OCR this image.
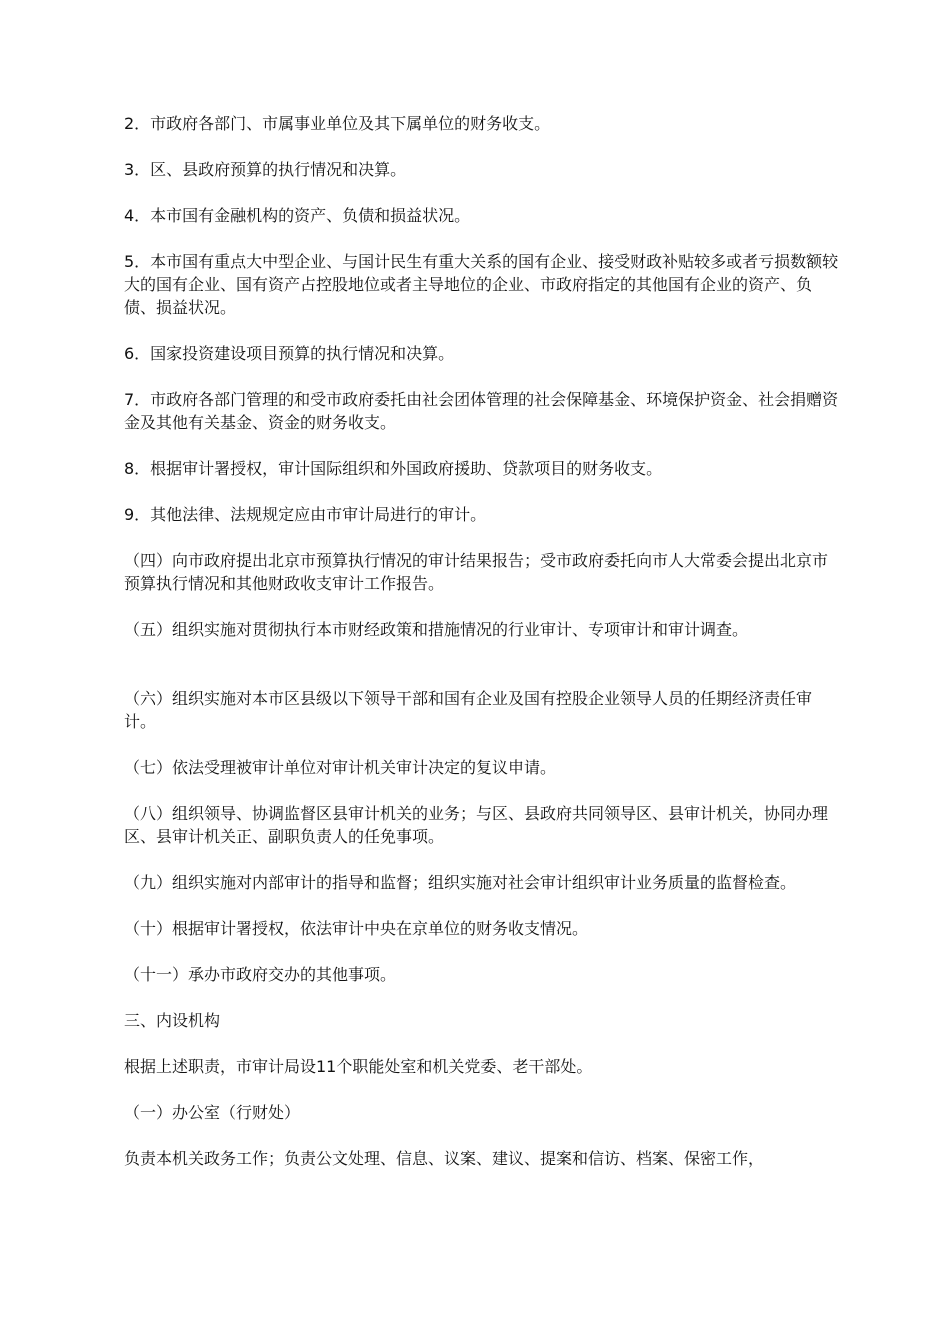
2．市政府各部门、市属事业单位及其下属单位的财务收支。

3．区、县政府预算的执行情况和决算。

4．本市国有金融机构的资产、负债和损益状况。

5．本市国有重点大中型企业、与国计民生有重大关系的国有企业、接受财政补贴较多或者亏损数额较大的国有企业、国有资产占控股地位或者主导地位的企业、市政府指定的其他国有企业的资产、负债、损益状况。

6．国家投资建设项目预算的执行情况和决算。

7．市政府各部门管理的和受市政府委托由社会团体管理的社会保障基金、环境保护资金、社会捐赠资金及其他有关基金、资金的财务收支。

8．根据审计署授权，审计国际组织和外国政府援助、贷款项目的财务收支。

9．其他法律、法规规定应由市审计局进行的审计。

（四）向市政府提出北京市预算执行情况的审计结果报告；受市政府委托向市人大常委会提出北京市预算执行情况和其他财政收支审计工作报告。

（五）组织实施对贯彻执行本市财经政策和措施情况的行业审计、专项审计和审计调查。

（六）组织实施对本市区县级以下领导干部和国有企业及国有控股企业领导人员的任期经济责任审计。

（七）依法受理被审计单位对审计机关审计决定的复议申请。

（八）组织领导、协调监督区县审计机关的业务；与区、县政府共同领导区、县审计机关，协同办理区、县审计机关正、副职负责人的任免事项。

（九）组织实施对内部审计的指导和监督；组织实施对社会审计组织审计业务质量的监督检查。

（十）根据审计署授权，依法审计中央在京单位的财务收支情况。

（十一）承办市政府交办的其他事项。

三、内设机构

根据上述职责，市审计局设11个职能处室和机关党委、老干部处。

（一）办公室（行财处）

负责本机关政务工作；负责公文处理、信息、议案、建议、提案和信访、档案、保密工作，
